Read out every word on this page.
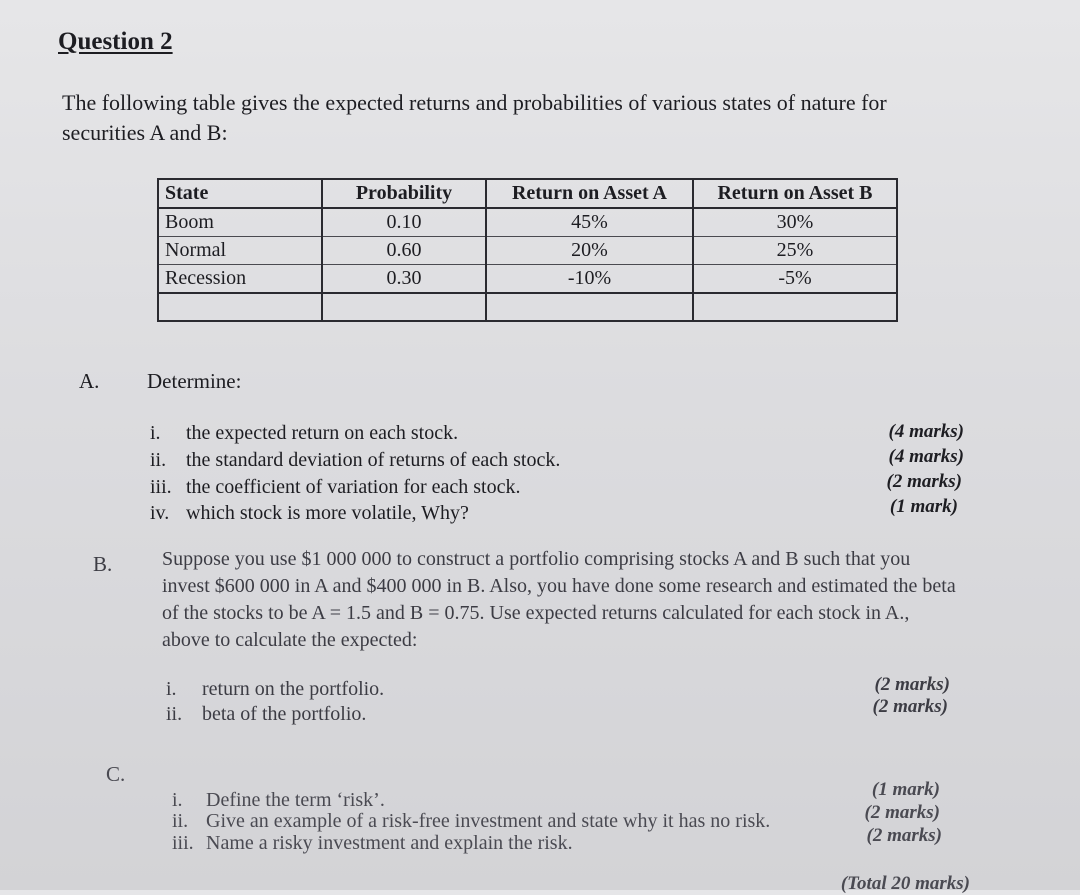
Question 2
The following table gives the expected returns and probabilities of various states of nature for securities A and B:
State	Probability	Return on Asset A	Return on Asset B
Boom	0.10	45%	30%
Normal	0.60	20%	25%
Recession	0.30	-10%	-5%

A. Determine:
i. the expected return on each stock.	(4 marks)
ii. the standard deviation of returns of each stock.	(4 marks)
iii. the coefficient of variation for each stock.	(2 marks)
iv. which stock is more volatile, Why?	(1 mark)
B. Suppose you use $1 000 000 to construct a portfolio comprising stocks A and B such that you invest $600 000 in A and $400 000 in B. Also, you have done some research and estimated the beta of the stocks to be A = 1.5 and B = 0.75. Use expected returns calculated for each stock in A., above to calculate the expected:
i. return on the portfolio.	(2 marks)
ii. beta of the portfolio.	(2 marks)
C.
i. Define the term ‘risk’.	(1 mark)
ii. Give an example of a risk-free investment and state why it has no risk.	(2 marks)
iii. Name a risky investment and explain the risk.	(2 marks)
(Total 20 marks)
